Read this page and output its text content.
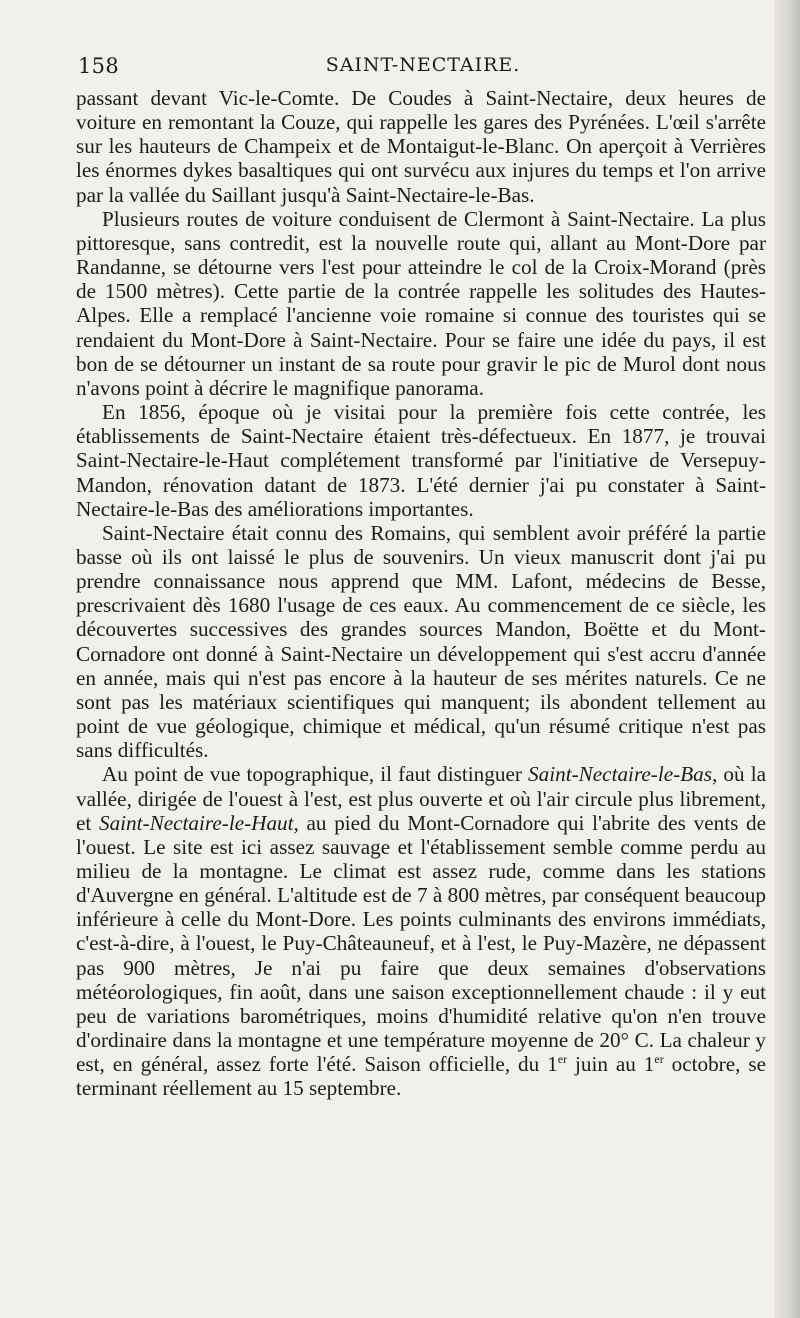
158	SAINT-NECTAIRE.

passant devant Vic-le-Comte. De Coudes à Saint-Nectaire, deux heures de voiture en remontant la Couze, qui rappelle les gares des Pyrénées. L'œil s'arrête sur les hauteurs de Champeix et de Montaigut-le-Blanc. On aperçoit à Verrières les énormes dykes basaltiques qui ont survécu aux injures du temps et l'on arrive par la vallée du Saillant jusqu'à Saint-Nectaire-le-Bas.

Plusieurs routes de voiture conduisent de Clermont à Saint-Nectaire. La plus pittoresque, sans contredit, est la nouvelle route qui, allant au Mont-Dore par Randanne, se détourne vers l'est pour atteindre le col de la Croix-Morand (près de 1500 mètres). Cette partie de la contrée rappelle les solitudes des Hautes-Alpes. Elle a remplacé l'ancienne voie romaine si connue des touristes qui se rendaient du Mont-Dore à Saint-Nectaire. Pour se faire une idée du pays, il est bon de se détourner un instant de sa route pour gravir le pic de Murol dont nous n'avons point à décrire le magnifique panorama.

En 1856, époque où je visitai pour la première fois cette contrée, les établissements de Saint-Nectaire étaient très-défectueux. En 1877, je trouvai Saint-Nectaire-le-Haut complétement transformé par l'initiative de Versepuy-Mandon, rénovation datant de 1873. L'été dernier j'ai pu constater à Saint-Nectaire-le-Bas des améliorations importantes.

Saint-Nectaire était connu des Romains, qui semblent avoir préféré la partie basse où ils ont laissé le plus de souvenirs. Un vieux manuscrit dont j'ai pu prendre connaissance nous apprend que MM. Lafont, médecins de Besse, prescrivaient dès 1680 l'usage de ces eaux. Au commencement de ce siècle, les découvertes successives des grandes sources Mandon, Boëtte et du Mont-Cornadore ont donné à Saint-Nectaire un développement qui s'est accru d'année en année, mais qui n'est pas encore à la hauteur de ses mérites naturels. Ce ne sont pas les matériaux scientifiques qui manquent; ils abondent tellement au point de vue géologique, chimique et médical, qu'un résumé critique n'est pas sans difficultés.

Au point de vue topographique, il faut distinguer Saint-Nectaire-le-Bas, où la vallée, dirigée de l'ouest à l'est, est plus ouverte et où l'air circule plus librement, et Saint-Nectaire-le-Haut, au pied du Mont-Cornadore qui l'abrite des vents de l'ouest. Le site est ici assez sauvage et l'établissement semble comme perdu au milieu de la montagne. Le climat est assez rude, comme dans les stations d'Auvergne en général. L'altitude est de 7 à 800 mètres, par conséquent beaucoup inférieure à celle du Mont-Dore. Les points culminants des environs immédiats, c'est-à-dire, à l'ouest, le Puy-Châteauneuf, et à l'est, le Puy-Mazère, ne dépassent pas 900 mètres, Je n'ai pu faire que deux semaines d'observations météorologiques, fin août, dans une saison exceptionnellement chaude : il y eut peu de variations barométriques, moins d'humidité relative qu'on n'en trouve d'ordinaire dans la montagne et une température moyenne de 20° C. La chaleur y est, en général, assez forte l'été. Saison officielle, du 1er juin au 1er octobre, se terminant réellement au 15 septembre.
